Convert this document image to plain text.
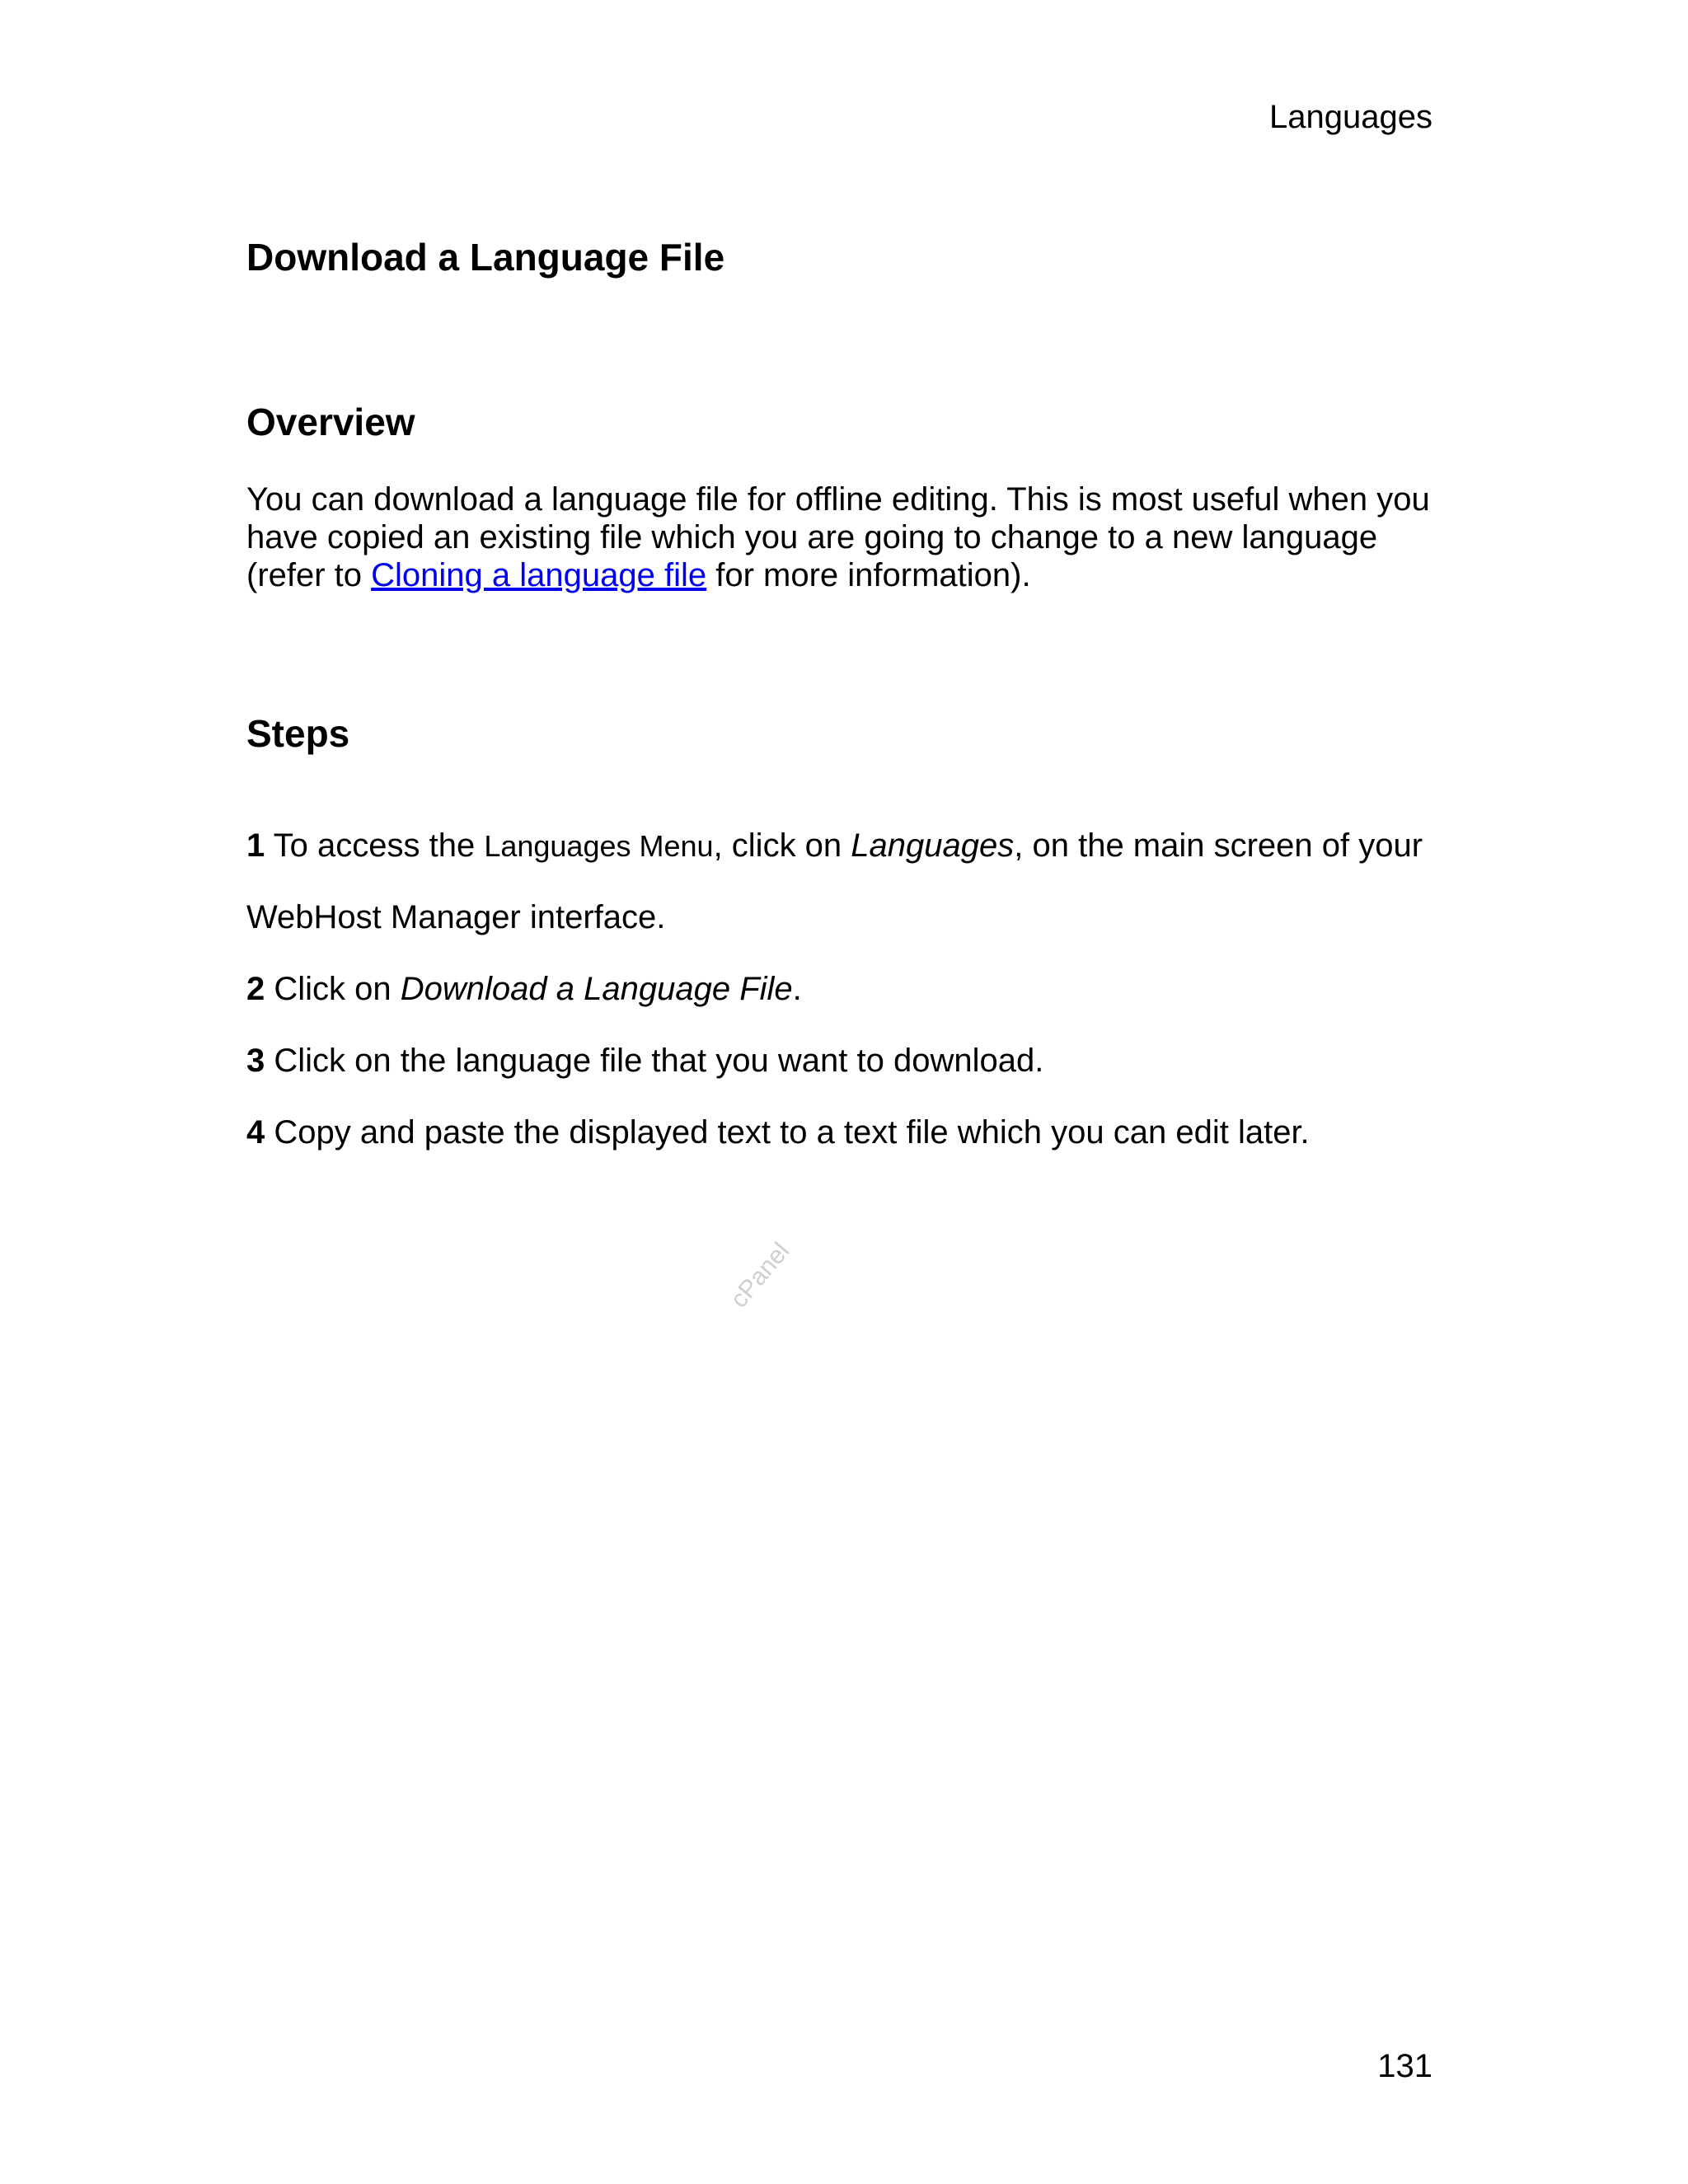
Languages
Download a Language File
Overview

You can download a language file for offline editing. This is most useful when you have copied an existing file which you are going to change to a new language (refer to Cloning a language file for more information).

Steps

1 To access the Languages Menu, click on Languages, on the main screen of your

WebHost Manager interface.

2 Click on Download a Language File.

3 Click on the language file that you want to download.

4 Copy and paste the displayed text to a text file which you can edit later.

cPanel
131
